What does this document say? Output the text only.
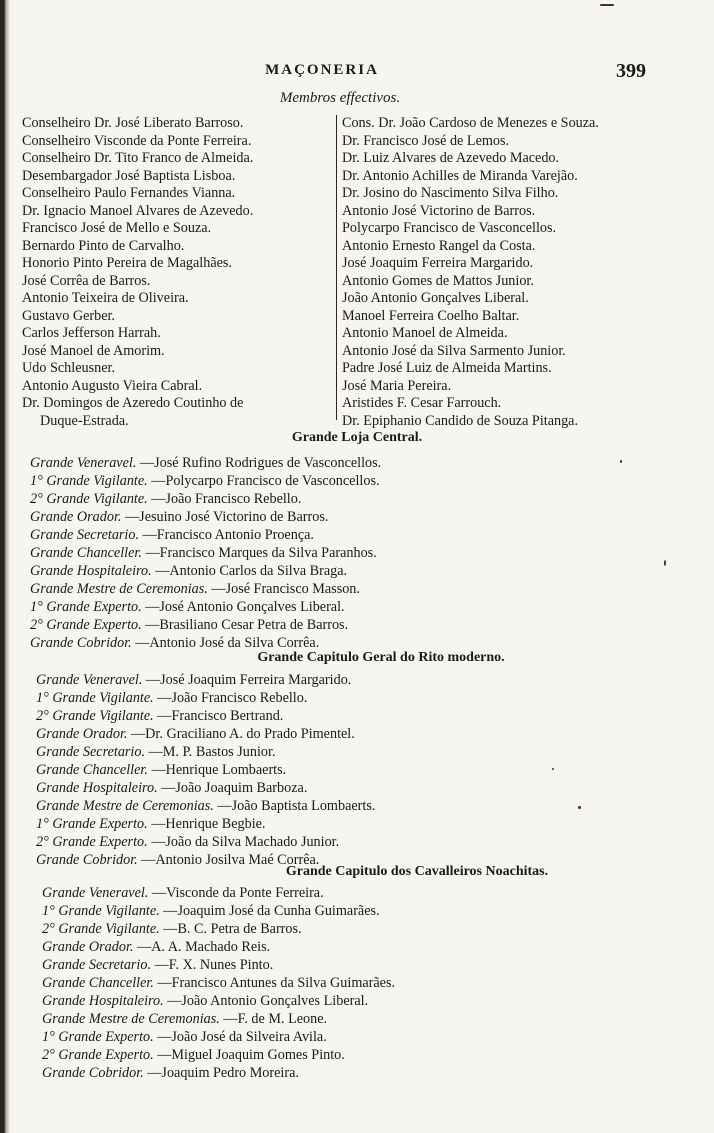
MAÇONERIA	399
Membros effectivos.
Conselheiro Dr. José Liberato Barroso.
Conselheiro Visconde da Ponte Ferreira.
Conselheiro Dr. Tito Franco de Almeida.
Desembargador José Baptista Lisboa.
Conselheiro Paulo Fernandes Vianna.
Dr. Ignacio Manoel Alvares de Azevedo.
Francisco José de Mello e Souza.
Bernardo Pinto de Carvalho.
Honorio Pinto Pereira de Magalhães.
José Corrêa de Barros.
Antonio Teixeira de Oliveira.
Gustavo Gerber.
Carlos Jefferson Harrah.
José Manoel de Amorim.
Udo Schleusner.
Antonio Augusto Vieira Cabral.
Dr. Domingos de Azeredo Coutinho de
Duque-Estrada.
Cons. Dr. João Cardoso de Menezes e Souza.
Dr. Francisco José de Lemos.
Dr. Luiz Alvares de Azevedo Macedo.
Dr. Antonio Achilles de Miranda Varejão.
Dr. Josino do Nascimento Silva Filho.
Antonio José Victorino de Barros.
Polycarpo Francisco de Vasconcellos.
Antonio Ernesto Rangel da Costa.
José Joaquim Ferreira Margarido.
Antonio Gomes de Mattos Junior.
João Antonio Gonçalves Liberal.
Manoel Ferreira Coelho Baltar.
Antonio Manoel de Almeida.
Antonio José da Silva Sarmento Junior.
Padre José Luiz de Almeida Martins.
José Maria Pereira.
Aristides F. Cesar Farrouch.
Dr. Epiphanio Candido de Souza Pitanga.
Grande Loja Central.
Grande Veneravel. —José Rufino Rodrigues de Vasconcellos.
1° Grande Vigilante. —Polycarpo Francisco de Vasconcellos.
2° Grande Vigilante. —João Francisco Rebello.
Grande Orador. —Jesuino José Victorino de Barros.
Grande Secretario. —Francisco Antonio Proença.
Grande Chanceller. —Francisco Marques da Silva Paranhos.
Grande Hospitaleiro. —Antonio Carlos da Silva Braga.
Grande Mestre de Ceremonias. —José Francisco Masson.
1° Grande Experto. —José Antonio Gonçalves Liberal.
2° Grande Experto. —Brasiliano Cesar Petra de Barros.
Grande Cobridor. —Antonio José da Silva Corrêa.
Grande Capitulo Geral do Rito moderno.
Grande Veneravel. —José Joaquim Ferreira Margarido.
1° Grande Vigilante. —João Francisco Rebello.
2° Grande Vigilante. —Francisco Bertrand.
Grande Orador. —Dr. Graciliano A. do Prado Pimentel.
Grande Secretario. —M. P. Bastos Junior.
Grande Chanceller. —Henrique Lombaerts.
Grande Hospitaleiro. —João Joaquim Barboza.
Grande Mestre de Ceremonias. —João Baptista Lombaerts.
1° Grande Experto. —Henrique Begbie.
2° Grande Experto. —João da Silva Machado Junior.
Grande Cobridor. —Antonio Josilva Maé Corrêa.
Grande Capitulo dos Cavalleiros Noachitas.
Grande Veneravel. —Visconde da Ponte Ferreira.
1° Grande Vigilante. —Joaquim José da Cunha Guimarães.
2° Grande Vigilante. —B. C. Petra de Barros.
Grande Orador. —A. A. Machado Reis.
Grande Secretario. —F. X. Nunes Pinto.
Grande Chanceller. —Francisco Antunes da Silva Guimarães.
Grande Hospitaleiro. —João Antonio Gonçalves Liberal.
Grande Mestre de Ceremonias. —F. de M. Leone.
1° Grande Experto. —João José da Silveira Avila.
2° Grande Experto. —Miguel Joaquim Gomes Pinto.
Grande Cobridor. —Joaquim Pedro Moreira.
